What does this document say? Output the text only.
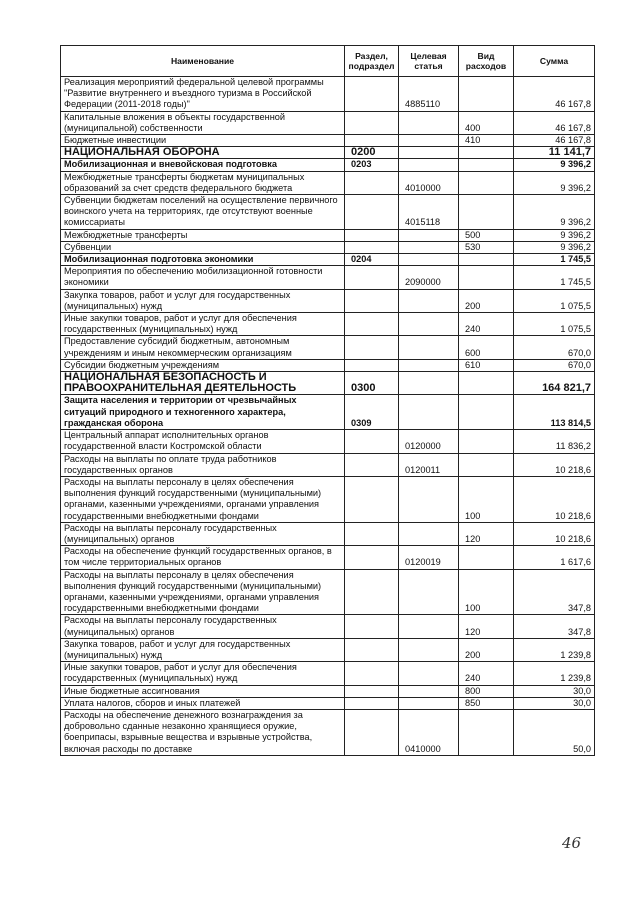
Наименование	Раздел, подраздел	Целевая статья	Вид расходов	Сумма
Реализация мероприятий федеральной целевой программы "Развитие внутреннего и въездного туризма в Российской Федерации (2011-2018 годы)"		4885110		46 167,8
Капитальные вложения в объекты государственной (муниципальной) собственности			400	46 167,8
Бюджетные инвестиции			410	46 167,8
НАЦИОНАЛЬНАЯ ОБОРОНА	0200			11 141,7
Мобилизационная и вневойсковая подготовка	0203			9 396,2
Межбюджетные трансферты бюджетам муниципальных образований за счет средств федерального бюджета		4010000		9 396,2
Субвенции бюджетам поселений на осуществление первичного воинского учета на территориях, где отсутствуют военные комиссариаты		4015118		9 396,2
Межбюджетные трансферты			500	9 396,2
Субвенции			530	9 396,2
Мобилизационная подготовка экономики	0204			1 745,5
Мероприятия по обеспечению мобилизационной готовности экономики		2090000		1 745,5
Закупка товаров, работ и услуг для государственных (муниципальных) нужд			200	1 075,5
Иные закупки товаров, работ и услуг для обеспечения государственных (муниципальных) нужд			240	1 075,5
Предоставление субсидий бюджетным, автономным учреждениям и иным некоммерческим организациям			600	670,0
Субсидии бюджетным учреждениям			610	670,0
НАЦИОНАЛЬНАЯ БЕЗОПАСНОСТЬ И ПРАВООХРАНИТЕЛЬНАЯ ДЕЯТЕЛЬНОСТЬ	0300			164 821,7
Защита населения и территории от чрезвычайных ситуаций природного и техногенного характера, гражданская оборона	0309			113 814,5
Центральный аппарат исполнительных органов государственной власти Костромской области		0120000		11 836,2
Расходы на выплаты по оплате труда работников государственных органов		0120011		10 218,6
Расходы на выплаты персоналу в целях обеспечения выполнения функций государственными (муниципальными) органами, казенными учреждениями, органами управления государственными внебюджетными фондами			100	10 218,6
Расходы на выплаты персоналу государственных (муниципальных) органов			120	10 218,6
Расходы на обеспечение функций государственных органов, в том числе территориальных органов		0120019		1 617,6
Расходы на выплаты персоналу в целях обеспечения выполнения функций государственными (муниципальными) органами, казенными учреждениями, органами управления государственными внебюджетными фондами			100	347,8
Расходы на выплаты персоналу государственных (муниципальных) органов			120	347,8
Закупка товаров, работ и услуг для государственных (муниципальных) нужд			200	1 239,8
Иные закупки товаров, работ и услуг для обеспечения государственных (муниципальных) нужд			240	1 239,8
Иные бюджетные ассигнования			800	30,0
Уплата налогов, сборов и иных платежей			850	30,0
Расходы на обеспечение денежного вознаграждения за добровольно сданные незаконно хранящиеся оружие, боеприпасы, взрывные вещества и взрывные устройства, включая расходы по доставке		0410000		50,0
46
